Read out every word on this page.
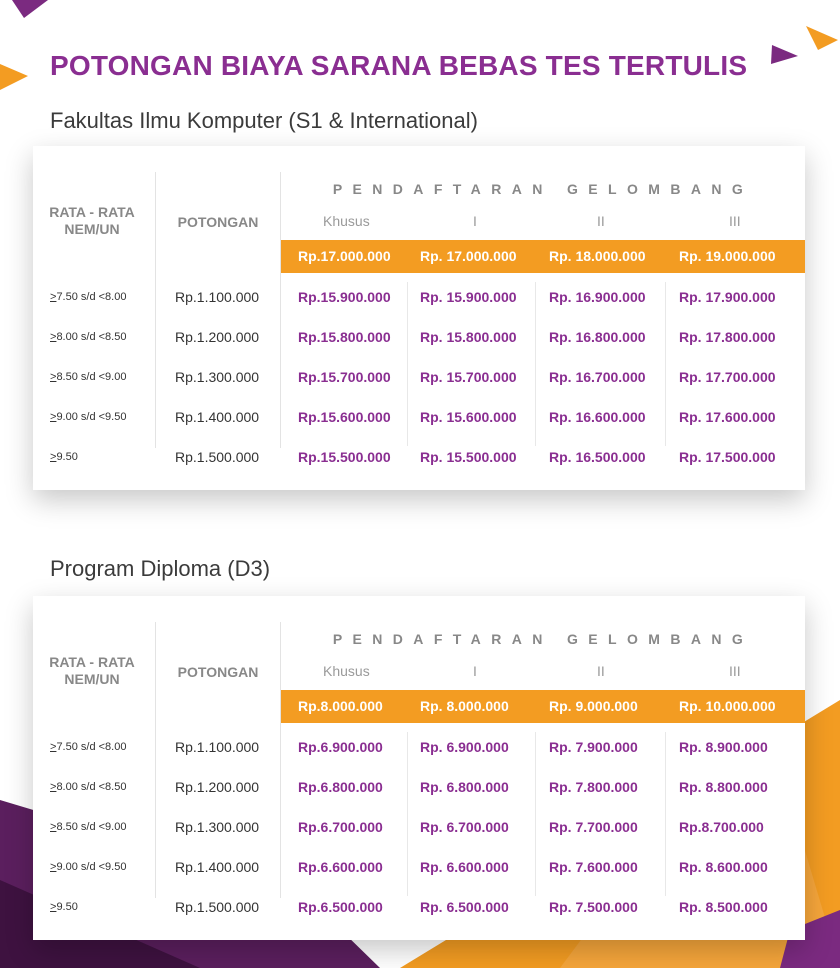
POTONGAN BIAYA SARANA BEBAS TES TERTULIS
Fakultas Ilmu Komputer (S1 & International)
RATA - RATA
NEM/UN	POTONGAN
PENDAFTARAN GELOMBANG
Khusus	I	II	III
Rp.17.000.000 Rp. 17.000.000 Rp. 18.000.000 Rp. 19.000.000
≥7.50 s/d <8.00	Rp.1.100.000	Rp.15.900.000 Rp. 15.900.000 Rp. 16.900.000 Rp. 17.900.000
≥8.00 s/d <8.50	Rp.1.200.000	Rp.15.800.000 Rp. 15.800.000 Rp. 16.800.000 Rp. 17.800.000
≥8.50 s/d <9.00	Rp.1.300.000	Rp.15.700.000 Rp. 15.700.000 Rp. 16.700.000 Rp. 17.700.000
≥9.00 s/d <9.50	Rp.1.400.000	Rp.15.600.000 Rp. 15.600.000 Rp. 16.600.000 Rp. 17.600.000
≥9.50	Rp.1.500.000	Rp.15.500.000 Rp. 15.500.000 Rp. 16.500.000 Rp. 17.500.000
Program Diploma (D3)
RATA - RATA
NEM/UN	POTONGAN
PENDAFTARAN GELOMBANG
Khusus	I	II	III
Rp.8.000.000	Rp. 8.000.000	Rp. 9.000.000	Rp. 10.000.000
≥7.50 s/d <8.00	Rp.1.100.000	Rp.6.900.000	Rp. 6.900.000	Rp. 7.900.000	Rp. 8.900.000
≥8.00 s/d <8.50	Rp.1.200.000	Rp.6.800.000	Rp. 6.800.000	Rp. 7.800.000	Rp. 8.800.000
≥8.50 s/d <9.00	Rp.1.300.000	Rp.6.700.000	Rp. 6.700.000	Rp. 7.700.000	Rp.8.700.000
≥9.00 s/d <9.50	Rp.1.400.000	Rp.6.600.000	Rp. 6.600.000	Rp. 7.600.000	Rp. 8.600.000
≥9.50	Rp.1.500.000	Rp.6.500.000	Rp. 6.500.000	Rp. 7.500.000	Rp. 8.500.000
